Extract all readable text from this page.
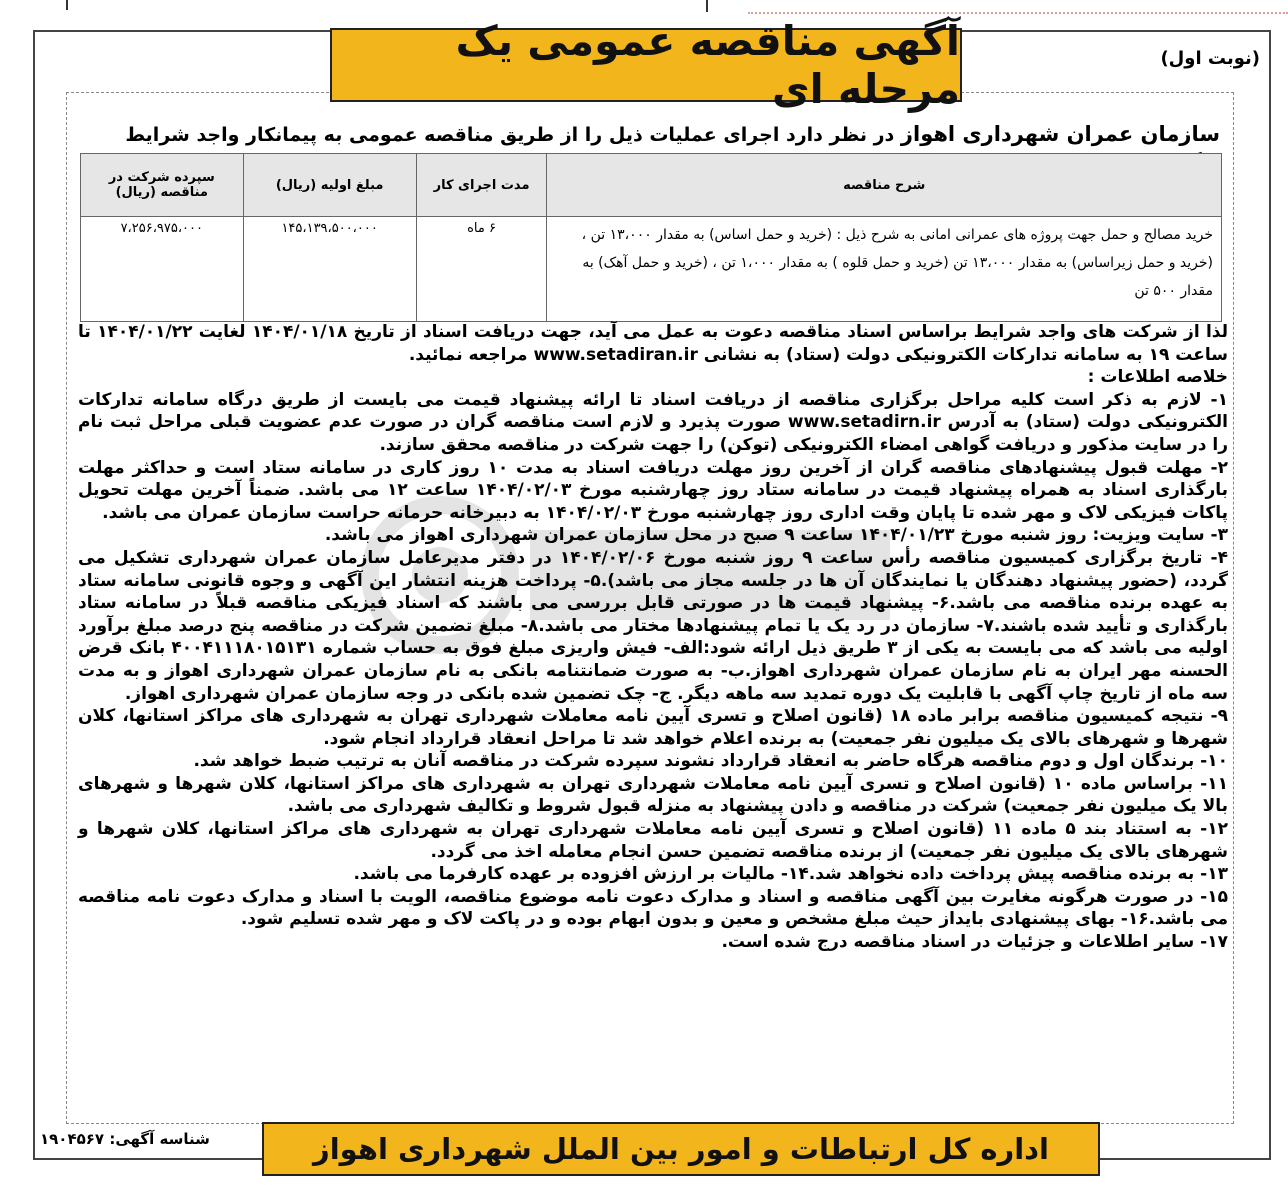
آگهی مناقصه عمومی یک مرحله ای
(نوبت اول)
سازمان عمران شهرداری اهواز در نظر دارد اجرای عملیات ذیل را از طریق مناقصه عمومی به پیمانکار واجد شرایط
شرح مناقصه	مدت اجرای کار	مبلغ اولیه (ریال)	سپرده شرکت در مناقصه (ریال)
خرید مصالح و حمل جهت پروژه های عمرانی امانی به شرح ذیل : (خرید و حمل اساس) به مقدار ۱۳،۰۰۰ تن ، (خرید و حمل زیراساس) به مقدار ۱۳،۰۰۰ تن (خرید و حمل قلوه ) به مقدار ۱،۰۰۰ تن ، (خرید و حمل آهک) به مقدار ۵۰۰ تن	۶ ماه	۱۴۵،۱۳۹،۵۰۰،۰۰۰	۷،۲۵۶،۹۷۵،۰۰۰

لذا از شرکت های واجد شرایط براساس اسناد مناقصه دعوت به عمل می آید، جهت دریافت اسناد از تاریخ ۱۴۰۴/۰۱/۱۸ لغایت ۱۴۰۴/۰۱/۲۲ تا ساعت ۱۹ به سامانه تدارکات الکترونیکی دولت (ستاد) به نشانی www.setadiran.ir مراجعه نمائید.

خلاصه اطلاعات :

۱- لازم به ذکر است کلیه مراحل برگزاری مناقصه از دریافت اسناد تا ارائه پیشنهاد قیمت می بایست از طریق درگاه سامانه تدارکات الکترونیکی دولت (ستاد) به آدرس www.setadirn.ir صورت پذیرد و لازم است مناقصه گران در صورت عدم عضویت قبلی مراحل ثبت نام را در سایت مذکور و دریافت گواهی امضاء الکترونیکی (توکن) را جهت شرکت در مناقصه محقق سازند.

۲- مهلت قبول پیشنهادهای مناقصه گران از آخرین روز مهلت دریافت اسناد به مدت ۱۰ روز کاری در سامانه ستاد است و حداکثر مهلت بارگذاری اسناد به همراه پیشنهاد قیمت در سامانه ستاد روز چهارشنبه مورخ ۱۴۰۴/۰۲/۰۳ ساعت ۱۲ می باشد. ضمناً آخرین مهلت تحویل پاکات فیزیکی لاک و مهر شده تا پایان وقت اداری روز چهارشنبه مورخ ۱۴۰۴/۰۲/۰۳ به دبیرخانه حرمانه حراست سازمان عمران می باشد.

۳- سایت ویزیت: روز شنبه مورخ ۱۴۰۴/۰۱/۲۳ ساعت ۹ صبح در محل سازمان عمران شهرداری اهواز می باشد.

۴- تاریخ برگزاری کمیسیون مناقصه رأس ساعت ۹ روز شنبه مورخ ۱۴۰۴/۰۲/۰۶ در دفتر مدیرعامل سازمان عمران شهرداری تشکیل می گردد، (حضور پیشنهاد دهندگان یا نمایندگان آن ها در جلسه مجاز می باشد).۵- پرداخت هزینه انتشار این آگهی و وجوه قانونی سامانه ستاد به عهده برنده مناقصه می باشد.۶- پیشنهاد قیمت ها در صورتی قابل بررسی می باشند که اسناد فیزیکی مناقصه قبلاً در سامانه ستاد بارگذاری و تأیید شده باشند.۷- سازمان در رد یک یا تمام پیشنهادها مختار می باشد.۸- مبلغ تضمین شرکت در مناقصه پنج درصد مبلغ برآورد اولیه می باشد که می بایست به یکی از ۳ طریق ذیل ارائه شود:الف- فیش واریزی مبلغ فوق به حساب شماره ۴۰۰۴۱۱۱۸۰۱۵۱۳۱ بانک قرض الحسنه مهر ایران به نام سازمان عمران شهرداری اهواز.ب- به صورت ضمانتنامه بانکی به نام سازمان عمران شهرداری اهواز و به مدت سه ماه از تاریخ چاپ آگهی با قابلیت یک دوره تمدید سه ماهه دیگر. ج- چک تضمین شده بانکی در وجه سازمان عمران شهرداری اهواز.

۹- نتیجه کمیسیون مناقصه برابر ماده ۱۸ (قانون اصلاح و تسری آیین نامه معاملات شهرداری تهران به شهرداری های مراکز استانها، کلان شهرها و شهرهای بالای یک میلیون نفر جمعیت) به برنده اعلام خواهد شد تا مراحل انعقاد قرارداد انجام شود.

۱۰- برندگان اول و دوم مناقصه هرگاه حاضر به انعقاد قرارداد نشوند سپرده شرکت در مناقصه آنان به ترتیب ضبط خواهد شد.

۱۱- براساس ماده ۱۰ (قانون اصلاح و تسری آیین نامه معاملات شهرداری تهران به شهرداری های مراکز استانها، کلان شهرها و شهرهای بالا یک میلیون نفر جمعیت) شرکت در مناقصه و دادن پیشنهاد به منزله قبول شروط و تکالیف شهرداری می باشد.

۱۲- به استناد بند ۵ ماده ۱۱ (قانون اصلاح و تسری آیین نامه معاملات شهرداری تهران به شهرداری های مراکز استانها، کلان شهرها و شهرهای بالای یک میلیون نفر جمعیت) از برنده مناقصه تضمین حسن انجام معامله اخذ می گردد.

۱۳- به برنده مناقصه پیش پرداخت داده نخواهد شد.۱۴- مالیات بر ارزش افزوده بر عهده کارفرما می باشد.

۱۵- در صورت هرگونه مغایرت بین آگهی مناقصه و اسناد و مدارک دعوت نامه موضوع مناقصه، الویت با اسناد و مدارک دعوت نامه مناقصه می باشد.۱۶- بهای پیشنهادی بایداز حیث مبلغ مشخص و معین و بدون ابهام بوده و در پاکت لاک و مهر شده تسلیم شود.

۱۷- سایر اطلاعات و جزئیات در اسناد مناقصه درج شده است.

اداره کل ارتباطات و امور بین الملل شهرداری اهواز
شناسه آگهی: ۱۹۰۴۵۶۷
